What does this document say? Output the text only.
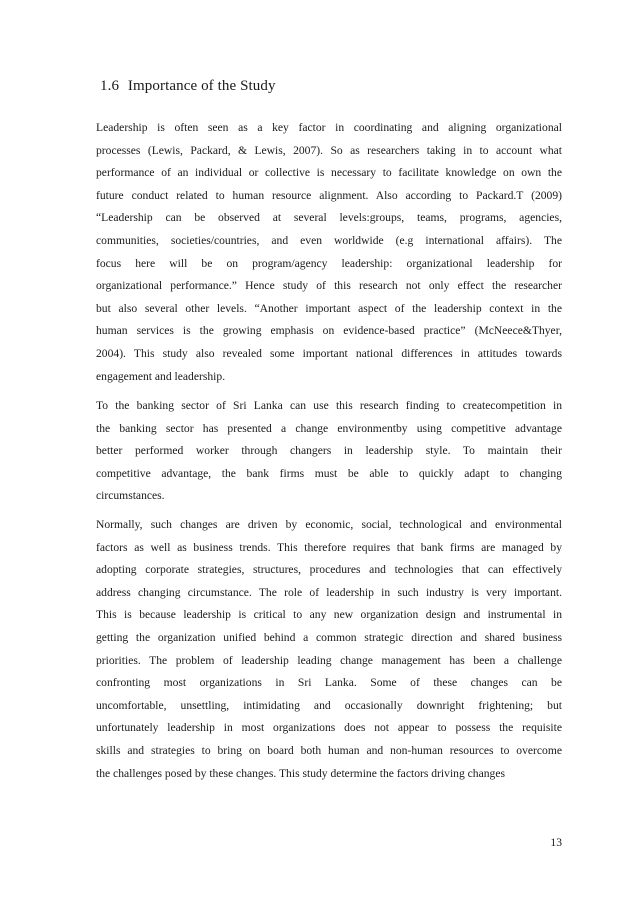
1.6 Importance of the Study
Leadership is often seen as a key factor in coordinating and aligning organizational
processes (Lewis, Packard, & Lewis, 2007). So as researchers taking in to account what
performance of an individual or collective is necessary to facilitate knowledge on own the
future conduct related to human resource alignment. Also according to Packard.T (2009)
“Leadership can be observed at several levels:groups, teams, programs, agencies,
communities, societies/countries, and even worldwide (e.g international affairs). The
focus here will be on program/agency leadership: organizational leadership for
organizational performance.” Hence study of this research not only effect the researcher
but also several other levels. “Another important aspect of the leadership context in the
human services is the growing emphasis on evidence-based practice” (McNeece&Thyer,
2004). This study also revealed some important national differences in attitudes towards
engagement and leadership.
To the banking sector of Sri Lanka can use this research finding to createcompetition in
the banking sector has presented a change environmentby using competitive advantage
better performed worker through changers in leadership style. To maintain their
competitive advantage, the bank firms must be able to quickly adapt to changing
circumstances.
Normally, such changes are driven by economic, social, technological and environmental
factors as well as business trends. This therefore requires that bank firms are managed by
adopting corporate strategies, structures, procedures and technologies that can effectively
address changing circumstance. The role of leadership in such industry is very important.
This is because leadership is critical to any new organization design and instrumental in
getting the organization unified behind a common strategic direction and shared business
priorities. The problem of leadership leading change management has been a challenge
confronting most organizations in Sri Lanka. Some of these changes can be
uncomfortable, unsettling, intimidating and occasionally downright frightening; but
unfortunately leadership in most organizations does not appear to possess the requisite
skills and strategies to bring on board both human and non-human resources to overcome
the challenges posed by these changes. This study determine the factors driving changes
13
